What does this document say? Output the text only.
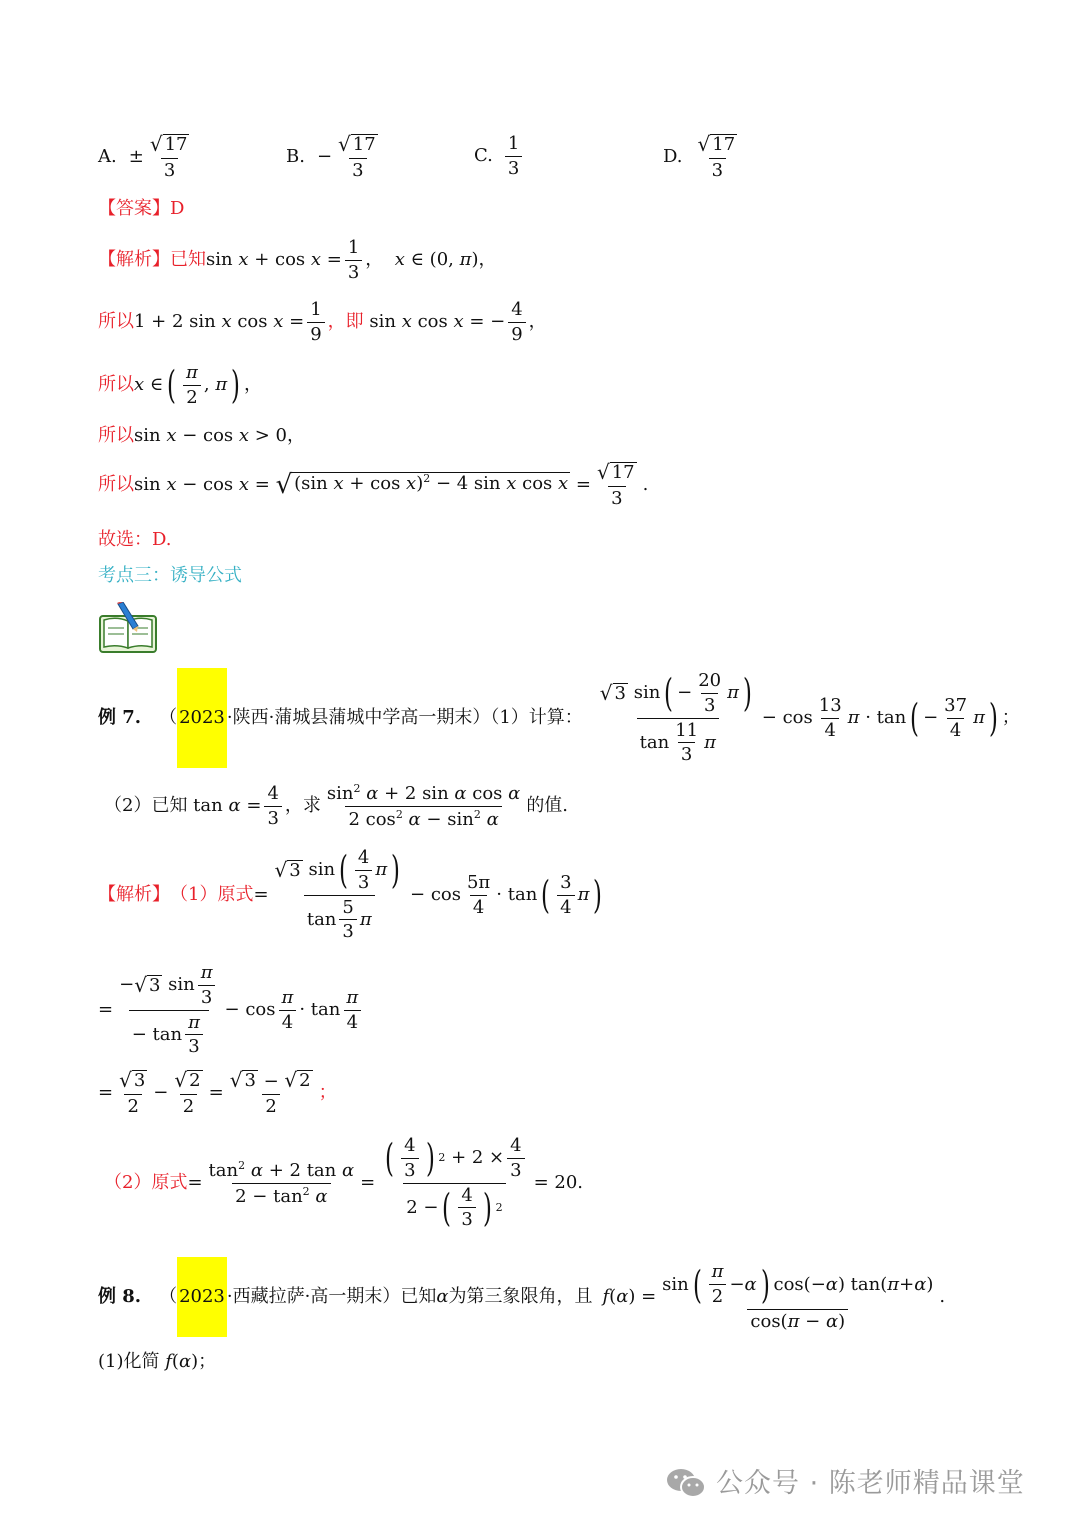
A. ± $\frac{√ 17}{3}$	B. − $\frac{√ 17}{3}$	C. $\frac{1}{3}$	D. $\frac{√ 17}{3}$
【答案】D
【解析】 已知 $\sin x + \cos x = \frac{1}{3}$ ，  x ∈ (0, π)，
所以 1 + 2 sin x $\cos x = \frac{1}{9}$ ，即 sin x cos x = − $\frac{4}{9}$ ，
所以 x ∈ ( $\frac{\pi}{2}$ , π ) ，
所以 sin x − cos x > 0，
所以 sin x − cos x = √ (sin x + cos x)$^2$ − 4 sin x $\cos x = \frac{√ 17}{3}$ .
故选：D.
考点三：诱导公式
例 7. （ 2023 ·陕西·蒲城县蒲城中学高一期末）（1）计算： $\frac{√ 3 \sin ( - \frac{20}{3} \pi )}{\tan \frac{11}{3} \pi} - \cos \frac{13}{4}$ π · tan ( − $\frac{37}{4}$ π ) ；
（2）已知 $\tan \alpha = \frac{4}{3}$ ，求 $\frac{\sin^2 \alpha + 2 \sin \alpha \cos \alpha}{2 \cos^2 \alpha - \sin^2 \alpha}$ 的值.
【解析】 （1）原式 = $\frac{√ 3 \sin ( \frac{4}{3} \pi )}{\tan \frac{5}{3} \pi} - \cos \frac{5\pi}{4} \cdot \tan$ ( $\frac{3}{4}$ π )
= $\frac{- √ 3 \sin \frac{\pi}{3}}{- \tan \frac{\pi}{3}} - \cos \frac{\pi}{4} \cdot \tan \frac{\pi}{4}$
= $\frac{√ 3}{2} - \frac{√ 2}{2} = \frac{√ 3 - √ 2}{2}$ ；
（2）原式 = $\frac{\tan^2 \alpha + 2 \tan \alpha}{2 - \tan^2 \alpha} = \frac{( \frac{4}{3} ) 2 + 2 \times \frac{4}{3}}{2 - ( \frac{4}{3} ) 2} = 20$ .
例 8. （ 2023 ·西藏拉萨·高一期末）已知 α 为第三象限角，且 $f(\alpha) = \frac{\sin ( \frac{\pi}{2} - \alpha ) \cos(- \alpha ) \tan( \pi + \alpha )}{\cos(\pi - \alpha)}$ .
(1)化简 f(α)；
公众号 · 陈老师精品课堂
